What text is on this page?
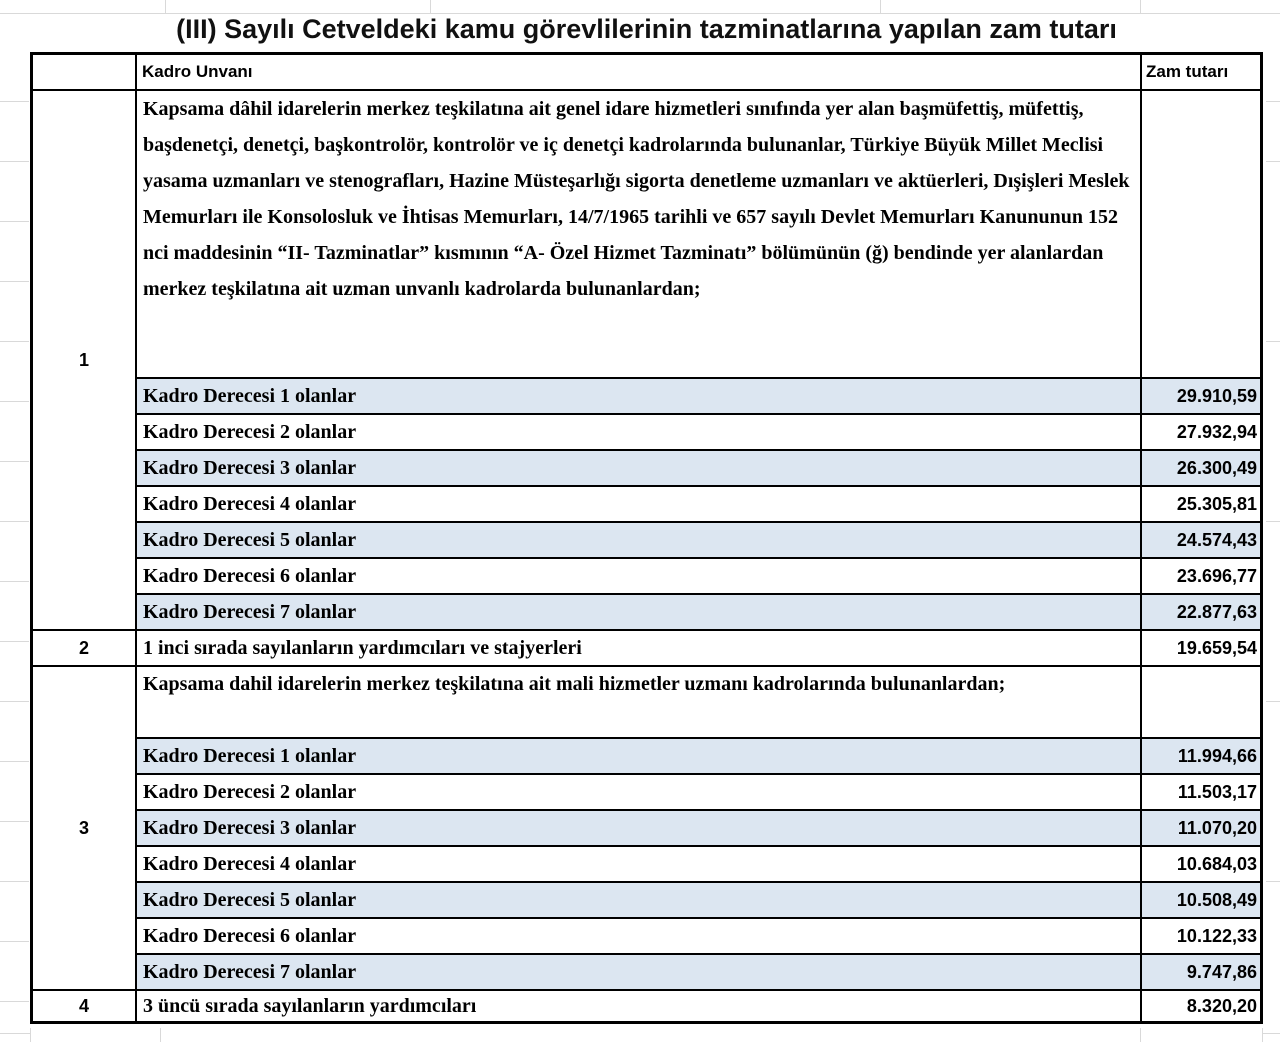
(III) Sayılı Cetveldeki kamu görevlilerinin tazminatlarına yapılan zam tutarı
Kadro Unvanı	Zam tutarı
1
Kapsama dâhil idarelerin merkez teşkilatına ait genel idare hizmetleri sınıfında yer alan başmüfettiş, müfettiş, başdenetçi, denetçi, başkontrolör, kontrolör ve iç denetçi kadrolarında bulunanlar, Türkiye Büyük Millet Meclisi yasama uzmanları ve stenografları, Hazine Müsteşarlığı sigorta denetleme uzmanları ve aktüerleri, Dışişleri Meslek Memurları ile Konsolosluk ve İhtisas Memurları, 14/7/1965 tarihli ve 657 sayılı Devlet Memurları Kanununun 152 nci maddesinin “II- Tazminatlar” kısmının “A- Özel Hizmet Tazminatı” bölümünün (ğ) bendinde yer alanlardan merkez teşkilatına ait uzman unvanlı kadrolarda bulunanlardan;
Kadro Derecesi 1 olanlar	29.910,59
Kadro Derecesi 2 olanlar	27.932,94
Kadro Derecesi 3 olanlar	26.300,49
Kadro Derecesi 4 olanlar	25.305,81
Kadro Derecesi 5 olanlar	24.574,43
Kadro Derecesi 6 olanlar	23.696,77
Kadro Derecesi 7 olanlar	22.877,63
2	1 inci sırada sayılanların yardımcıları ve stajyerleri	19.659,54
3
Kapsama dahil idarelerin merkez teşkilatına ait mali hizmetler uzmanı kadrolarında bulunanlardan;
Kadro Derecesi 1 olanlar	11.994,66
Kadro Derecesi 2 olanlar	11.503,17
Kadro Derecesi 3 olanlar	11.070,20
Kadro Derecesi 4 olanlar	10.684,03
Kadro Derecesi 5 olanlar	10.508,49
Kadro Derecesi 6 olanlar	10.122,33
Kadro Derecesi 7 olanlar	9.747,86
4	3 üncü sırada sayılanların yardımcıları	8.320,20
